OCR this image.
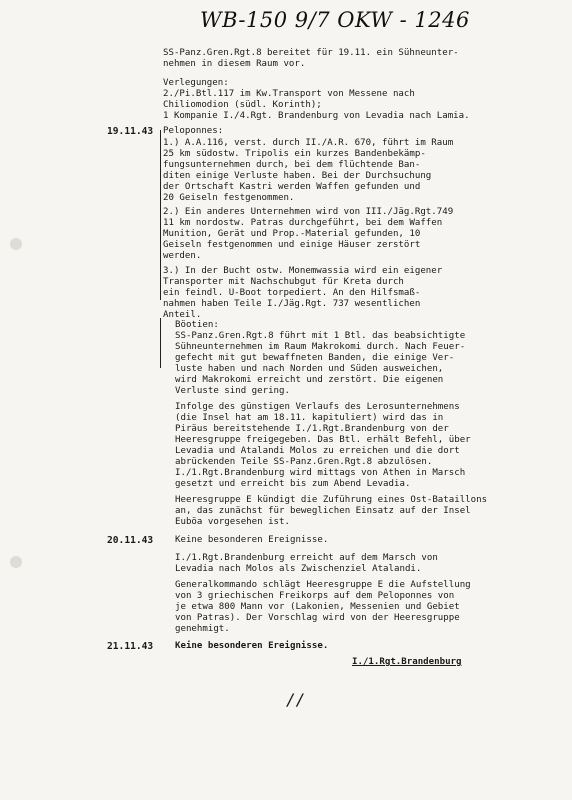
WB-150 9/7 OKW - 1246
SS-Panz.Gren.Rgt.8 bereitet für 19.11. ein Sühneunter-
nehmen in diesem Raum vor.
Verlegungen:
2./Pi.Btl.117 im Kw.Transport von Messene nach
Chiliomodion (südl. Korinth);
1 Kompanie I./4.Rgt. Brandenburg von Levadia nach Lamia.
19.11.43 Peloponnes:
1.) A.A.116, verst. durch II./A.R. 670, führt im Raum
25 km südostw. Tripolis ein kurzes Bandenbekämp-
fungsunternehmen durch, bei dem flüchtende Ban-
diten einige Verluste haben. Bei der Durchsuchung
der Ortschaft Kastri werden Waffen gefunden und
20 Geiseln festgenommen.
2.) Ein anderes Unternehmen wird von III./Jäg.Rgt.749
11 km nordostw. Patras durchgeführt, bei dem Waffen
Munition, Gerät und Prop.-Material gefunden, 10
Geiseln festgenommen und einige Häuser zerstört
werden.
3.) In der Bucht ostw. Monemwassia wird ein eigener
Transporter mit Nachschubgut für Kreta durch
ein feindl. U-Boot torpediert. An den Hilfsmaß-
nahmen haben Teile I./Jäg.Rgt. 737 wesentlichen
Anteil.
Böotien:
SS-Panz.Gren.Rgt.8 führt mit 1 Btl. das beabsichtigte
Sühneunternehmen im Raum Makrokomi durch. Nach Feuer-
gefecht mit gut bewaffneten Banden, die einige Ver-
luste haben und nach Norden und Süden ausweichen,
wird Makrokomi erreicht und zerstört. Die eigenen
Verluste sind gering.
Infolge des günstigen Verlaufs des Lerosunternehmens
(die Insel hat am 18.11. kapituliert) wird das in
Piräus bereitstehende I./1.Rgt.Brandenburg von der
Heeresgruppe freigegeben. Das Btl. erhält Befehl, über
Levadia und Atalandi Molos zu erreichen und die dort
abrückenden Teile SS-Panz.Gren.Rgt.8 abzulösen.
I./1.Rgt.Brandenburg wird mittags von Athen in Marsch
gesetzt und erreicht bis zum Abend Levadia.
Heeresgruppe E kündigt die Zuführung eines Ost-Bataillons
an, das zunächst für beweglichen Einsatz auf der Insel
Euböa vorgesehen ist.
20.11.43 Keine besonderen Ereignisse.
I./1.Rgt.Brandenburg erreicht auf dem Marsch von
Levadia nach Molos als Zwischenziel Atalandi.
Generalkommando schlägt Heeresgruppe E die Aufstellung
von 3 griechischen Freikorps auf dem Peloponnes von
je etwa 800 Mann vor (Lakonien, Messenien und Gebiet
von Patras). Der Vorschlag wird von der Heeresgruppe
genehmigt.
21.11.43 Keine besonderen Ereignisse.
I./1.Rgt.Brandenburg
//
